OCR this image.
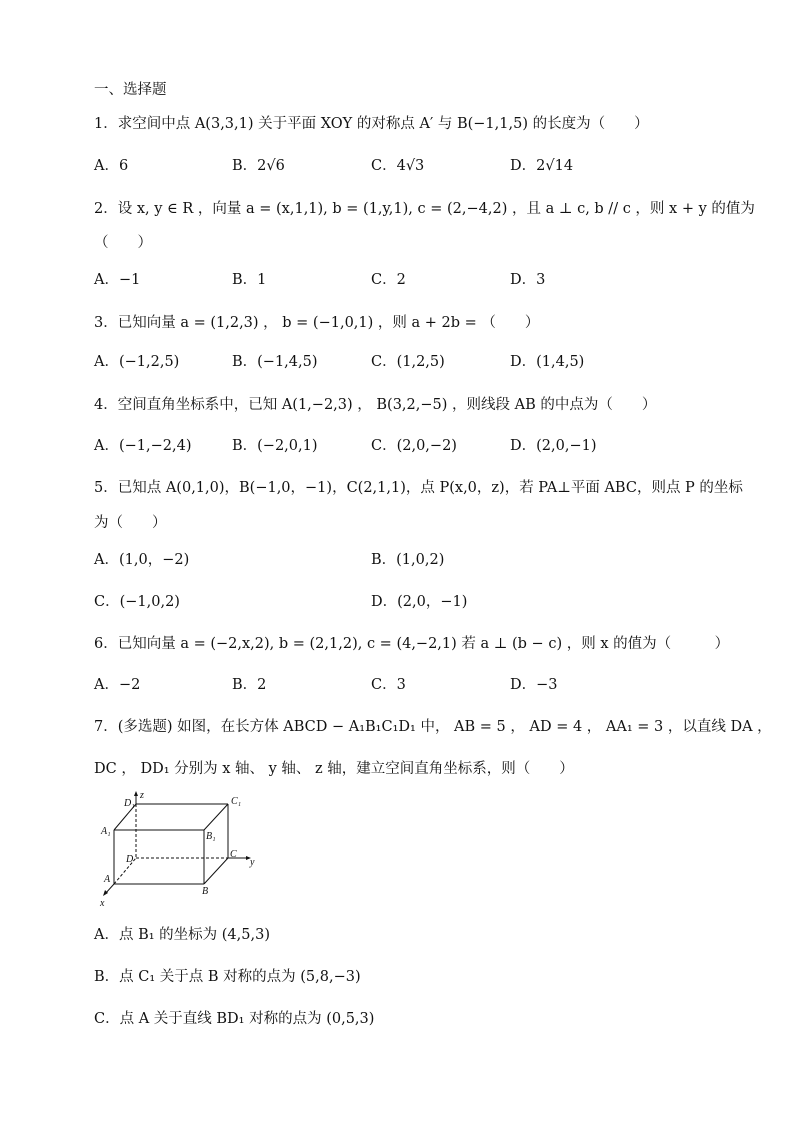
一、选择题
1．求空间中点 A(3,3,1) 关于平面 XOY 的对称点 A′ 与 B(−1,1,5) 的长度为（　　）
A．6	B．2√6	C．4√3	D．2√14
2．设 x, y ∈ R ，向量 a = (x,1,1), b = (1,y,1), c = (2,−4,2) ，且 a ⊥ c, b // c ，则 x + y 的值为
（　　）
A．−1	B．1	C．2	D．3
3．已知向量 a = (1,2,3) ， b = (−1,0,1) ，则 a + 2b = （　　）
A．(−1,2,5)	B．(−1,4,5)	C．(1,2,5)	D．(1,4,5)
4．空间直角坐标系中，已知 A(1,−2,3) ， B(3,2,−5) ，则线段 AB 的中点为（　　）
A．(−1,−2,4)	B．(−2,0,1)	C．(2,0,−2)	D．(2,0,−1)
5．已知点 A(0,1,0)，B(−1,0，−1)，C(2,1,1)，点 P(x,0，z)，若 PA⊥平面 ABC，则点 P 的坐标
为（　　）
A．(1,0，−2)	B．(1,0,2)
C．(−1,0,2)	D．(2,0，−1)
6．已知向量 a = (−2,x,2), b = (2,1,2), c = (4,−2,1) 若 a ⊥ (b − c) ，则 x 的值为（　　　）
A．−2	B．2	C．3	D．−3
7．(多选题) 如图，在长方体 ABCD − A₁B₁C₁D₁ 中， AB = 5 ， AD = 4 ， AA₁ = 3 ，以直线 DA ，
DC ， DD₁ 分别为 x 轴、 y 轴、 z 轴，建立空间直角坐标系，则（　　）
D₁
z
C₁
A₁	B₁
D	C
y
A
B
x
A．点 B₁ 的坐标为 (4,5,3)
B．点 C₁ 关于点 B 对称的点为 (5,8,−3)
C．点 A 关于直线 BD₁ 对称的点为 (0,5,3)
